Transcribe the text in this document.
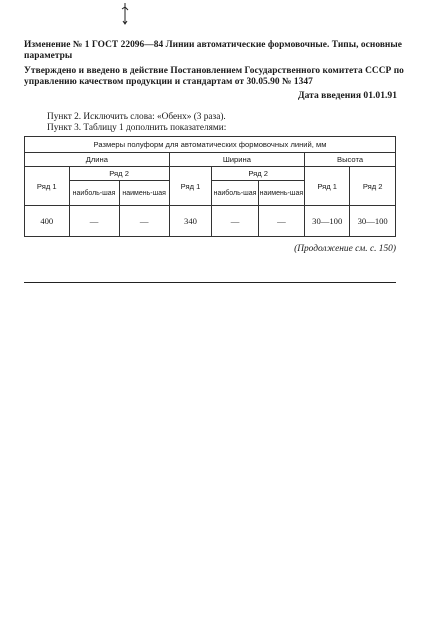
Изменение № 1 ГОСТ 22096—84 Линии автоматические формовочные. Типы, основные параметры
Утверждено и введено в действие Постановлением Государственного комитета СССР по управлению качеством продукции и стандартам от 30.05.90 № 1347
Дата введения 01.01.91
Пункт 2. Исключить слова: «Обенх» (3 раза).
Пункт 3. Таблицу 1 дополнить показателями:
Размеры полуформ для автоматических формовочных линий, мм							
Длина			Ширина			Высота	
Ряд 1	Ряд 2		Ряд 1	Ряд 2		Ряд 1	Ряд 2
	наиболь-шая	наимень-шая		наиболь-шая	наимень-шая		
400	—	—	340	—	—	30—100	30—100
(Продолжение см. с. 150)
